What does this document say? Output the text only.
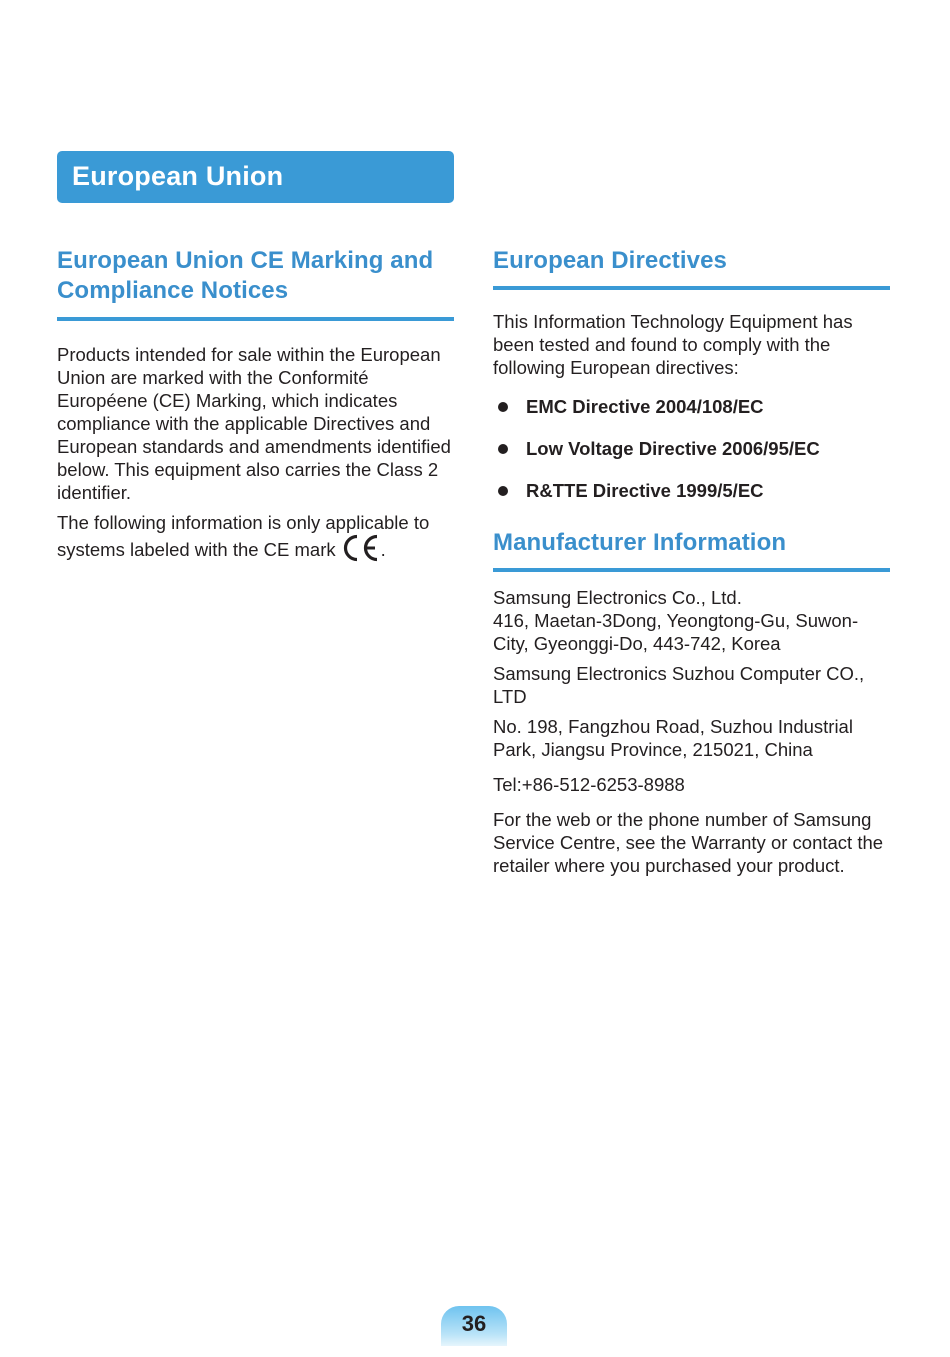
European Union
European Union CE Marking and Compliance Notices

Products intended for sale within the European Union are marked with the Conformité Européene (CE) Marking, which indicates compliance with the applicable Directives and European standards and amendments identified below. This equipment also carries the Class 2 identifier.

The following information is only applicable to systems labeled with the CE mark .

European Directives

This Information Technology Equipment has been tested and found to comply with the following European directives:

EMC Directive 2004/108/EC
Low Voltage Directive 2006/95/EC
R&TTE Directive 1999/5/EC
Manufacturer Information

Samsung Electronics Co., Ltd.
416, Maetan-3Dong, Yeongtong-Gu, Suwon-City, Gyeonggi-Do, 443-742, Korea

Samsung Electronics Suzhou Computer CO., LTD

No. 198, Fangzhou Road, Suzhou Industrial Park, Jiangsu Province, 215021, China

Tel:+86-512-6253-8988

For the web or the phone number of Samsung Service Centre, see the Warranty or contact the retailer where you purchased your product.

36
